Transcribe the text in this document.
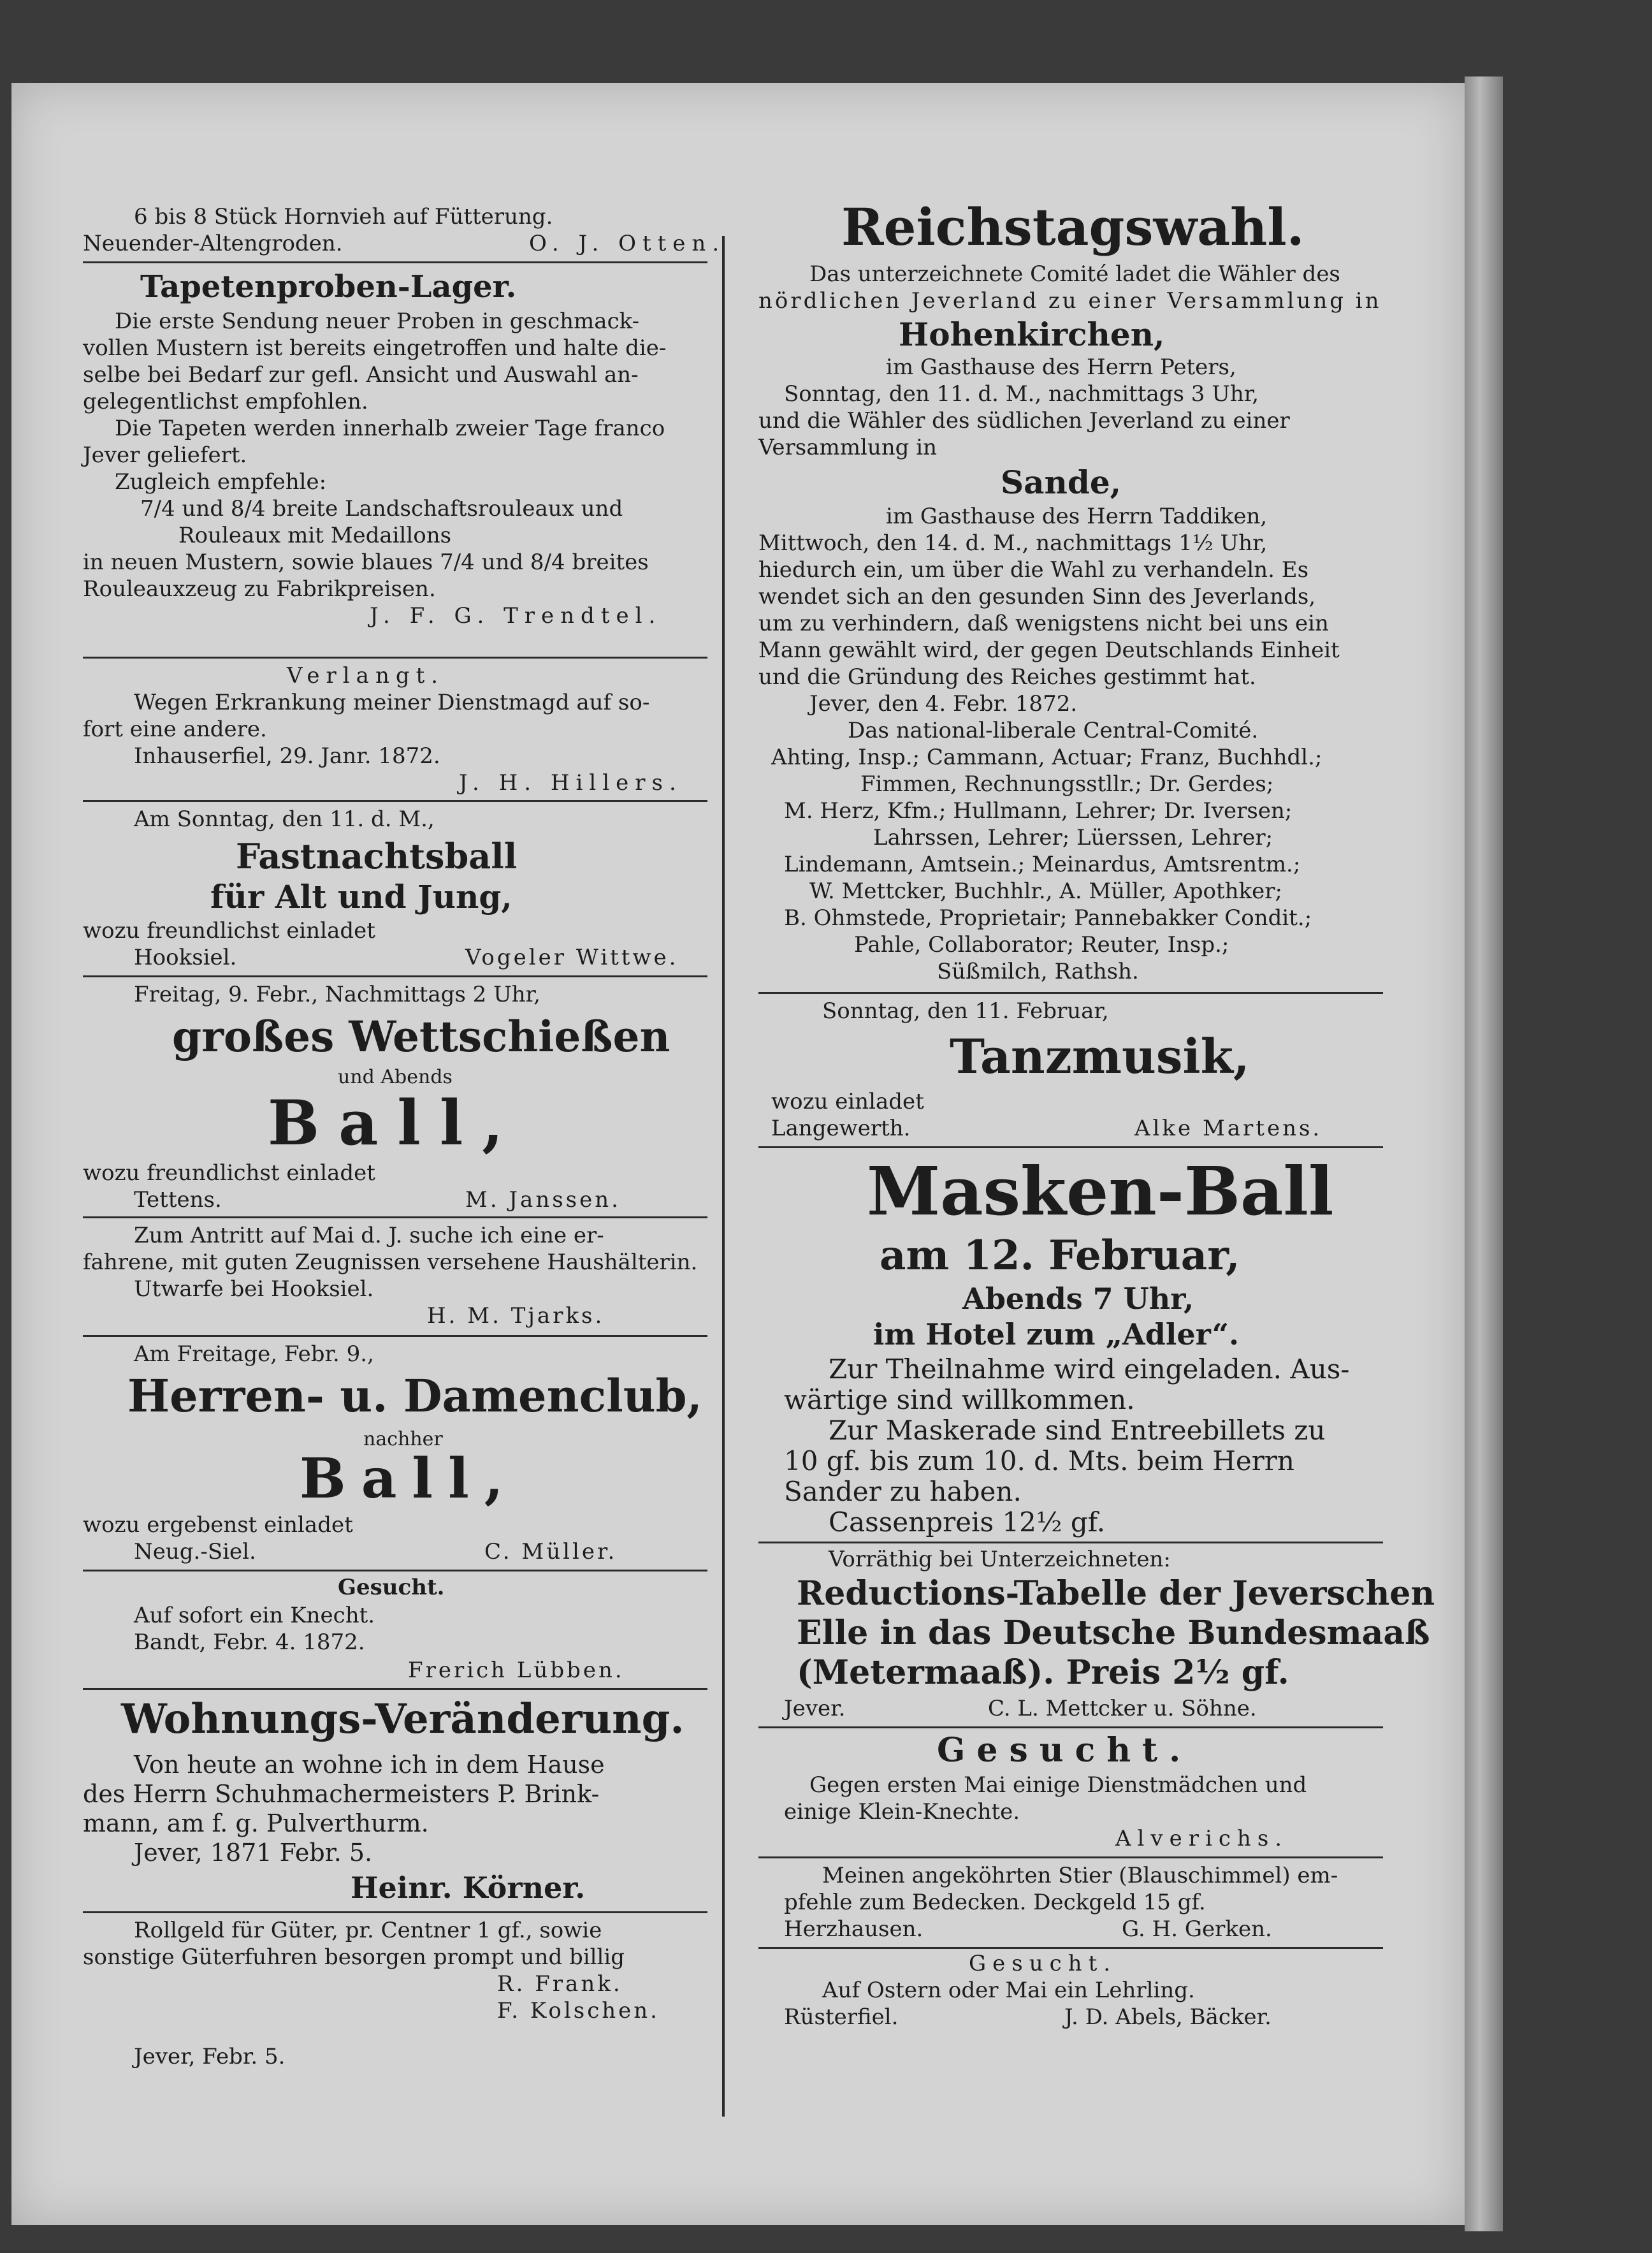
6 bis 8 Stück Hornvieh auf Fütterung.
Neuender-Altengroden.	O. J. Otten.
Tapetenproben-Lager.
Die erste Sendung neuer Proben in geschmack-
vollen Mustern ist bereits eingetroffen und halte die-
selbe bei Bedarf zur gefl. Ansicht und Auswahl an-
gelegentlichst empfohlen.
Die Tapeten werden innerhalb zweier Tage franco
Jever geliefert.
Zugleich empfehle:
7/4 und 8/4 breite Landschaftsrouleaux und
Rouleaux mit Medaillons
in neuen Mustern, sowie blaues 7/4 und 8/4 breites
Rouleauxzeug zu Fabrikpreisen.
J. F. G. Trendtel.
Verlangt.
Wegen Erkrankung meiner Dienstmagd auf so-
fort eine andere.
Inhauserfiel, 29. Janr. 1872.
J. H. Hillers.
Am Sonntag, den 11. d. M.,
Fastnachtsball
für Alt und Jung,
wozu freundlichst einladet
Hooksiel.	Vogeler Wittwe.
Freitag, 9. Febr., Nachmittags 2 Uhr,
großes Wettschießen
und Abends
Ball,
wozu freundlichst einladet
Tettens.	M. Janssen.
Zum Antritt auf Mai d. J. suche ich eine er-
fahrene, mit guten Zeugnissen versehene Haushälterin.
Utwarfe bei Hooksiel.
H. M. Tjarks.
Am Freitage, Febr. 9.,
Herren- u. Damenclub,
nachher
Ball,
wozu ergebenst einladet
Neug.-Siel.	C. Müller.
Gesucht.
Auf sofort ein Knecht.
Bandt, Febr. 4. 1872.
Frerich Lübben.
Wohnungs-Veränderung.
Von heute an wohne ich in dem Hause
des Herrn Schuhmachermeisters P. Brink-
mann, am f. g. Pulverthurm.
Jever, 1871 Febr. 5.
Heinr. Körner.
Rollgeld für Güter, pr. Centner 1 gf., sowie
sonstige Güterfuhren besorgen prompt und billig
R. Frank.
F. Kolschen.
Jever, Febr. 5.
Reichstagswahl.
Das unterzeichnete Comité ladet die Wähler des
nördlichen Jeverland zu einer Versammlung in
Hohenkirchen,
im Gasthause des Herrn Peters,
Sonntag, den 11. d. M., nachmittags 3 Uhr,
und die Wähler des südlichen Jeverland zu einer
Versammlung in
Sande,
im Gasthause des Herrn Taddiken,
Mittwoch, den 14. d. M., nachmittags 1½ Uhr,
hiedurch ein, um über die Wahl zu verhandeln. Es
wendet sich an den gesunden Sinn des Jeverlands,
um zu verhindern, daß wenigstens nicht bei uns ein
Mann gewählt wird, der gegen Deutschlands Einheit
und die Gründung des Reiches gestimmt hat.
Jever, den 4. Febr. 1872.
Das national-liberale Central-Comité.
Ahting, Insp.; Cammann, Actuar; Franz, Buchhdl.;
Fimmen, Rechnungsstllr.; Dr. Gerdes;
M. Herz, Kfm.; Hullmann, Lehrer; Dr. Iversen;
Lahrssen, Lehrer; Lüerssen, Lehrer;
Lindemann, Amtsein.; Meinardus, Amtsrentm.;
W. Mettcker, Buchhlr., A. Müller, Apothker;
B. Ohmstede, Proprietair; Pannebakker Condit.;
Pahle, Collaborator; Reuter, Insp.;
Süßmilch, Rathsh.
Sonntag, den 11. Februar,
Tanzmusik,
wozu einladet
Langewerth.	Alke Martens.
Masken-Ball
am 12. Februar,
Abends 7 Uhr,
im Hotel zum „Adler“.
Zur Theilnahme wird eingeladen. Aus-
wärtige sind willkommen.
Zur Maskerade sind Entreebillets zu
10 gf. bis zum 10. d. Mts. beim Herrn
Sander zu haben.
Cassenpreis 12½ gf.
Vorräthig bei Unterzeichneten:
Reductions-Tabelle der Jeverschen
Elle in das Deutsche Bundesmaaß
(Metermaaß). Preis 2½ gf.
Jever.	C. L. Mettcker u. Söhne.
Gesucht.
Gegen ersten Mai einige Dienstmädchen und
einige Klein-Knechte.
Alverichs.
Meinen angeköhrten Stier (Blauschimmel) em-
pfehle zum Bedecken. Deckgeld 15 gf.
Herzhausen.	G. H. Gerken.
Gesucht.
Auf Ostern oder Mai ein Lehrling.
Rüsterfiel.	J. D. Abels, Bäcker.
